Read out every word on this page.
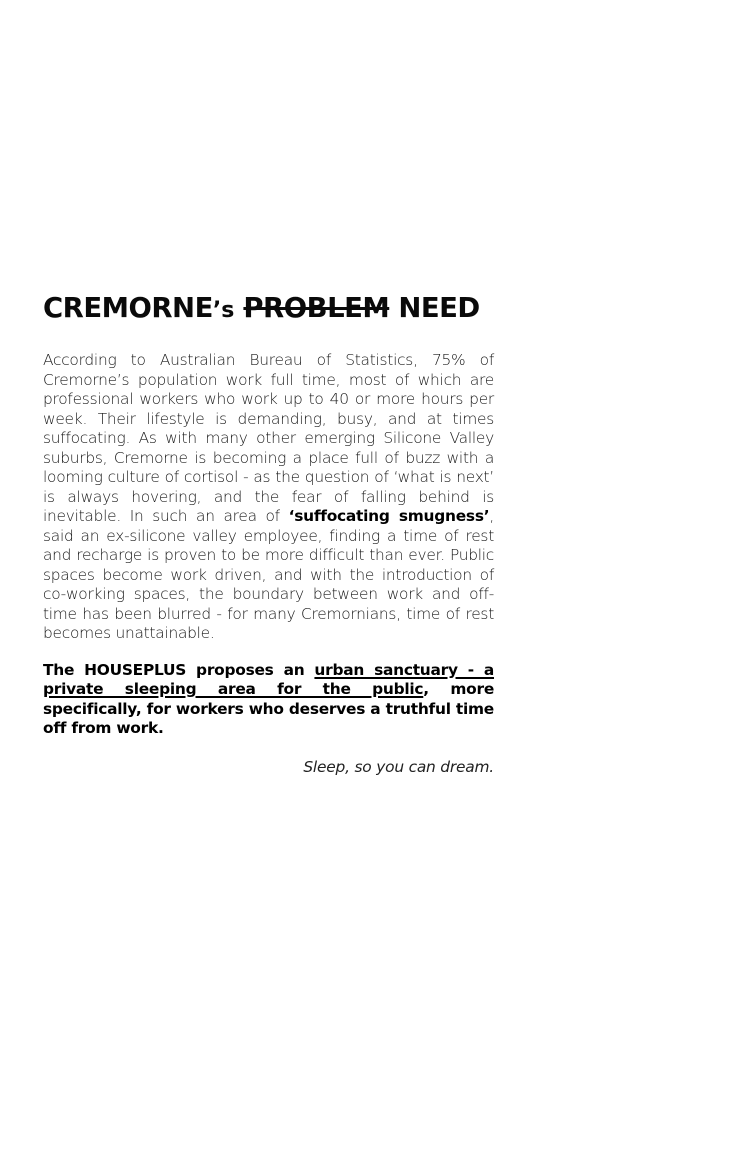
CREMORNE’s PROBLEM NEED

According to Australian Bureau of Statistics, 75% of Cremorne’s population work full time, most of which are professional workers who work up to 40 or more hours per week. Their lifestyle is demanding, busy, and at times suffocating. As with many other emerging Silicone Valley suburbs, Cremorne is becoming a place full of buzz with a looming culture of cortisol - as the question of ‘what is next’ is always hovering, and the fear of falling behind is inevitable. In such an area of ‘suffocating smugness’, said an ex-silicone valley employee, finding a time of rest and recharge is proven to be more difficult than ever. Public spaces become work driven, and with the introduction of co-working spaces, the boundary between work and off-time has been blurred - for many Cremornians, time of rest becomes unattainable.

The HOUSEPLUS proposes an urban sanctuary - a private sleeping area for the public, more specifically, for workers who deserves a truthful time off from work.

Sleep, so you can dream.
